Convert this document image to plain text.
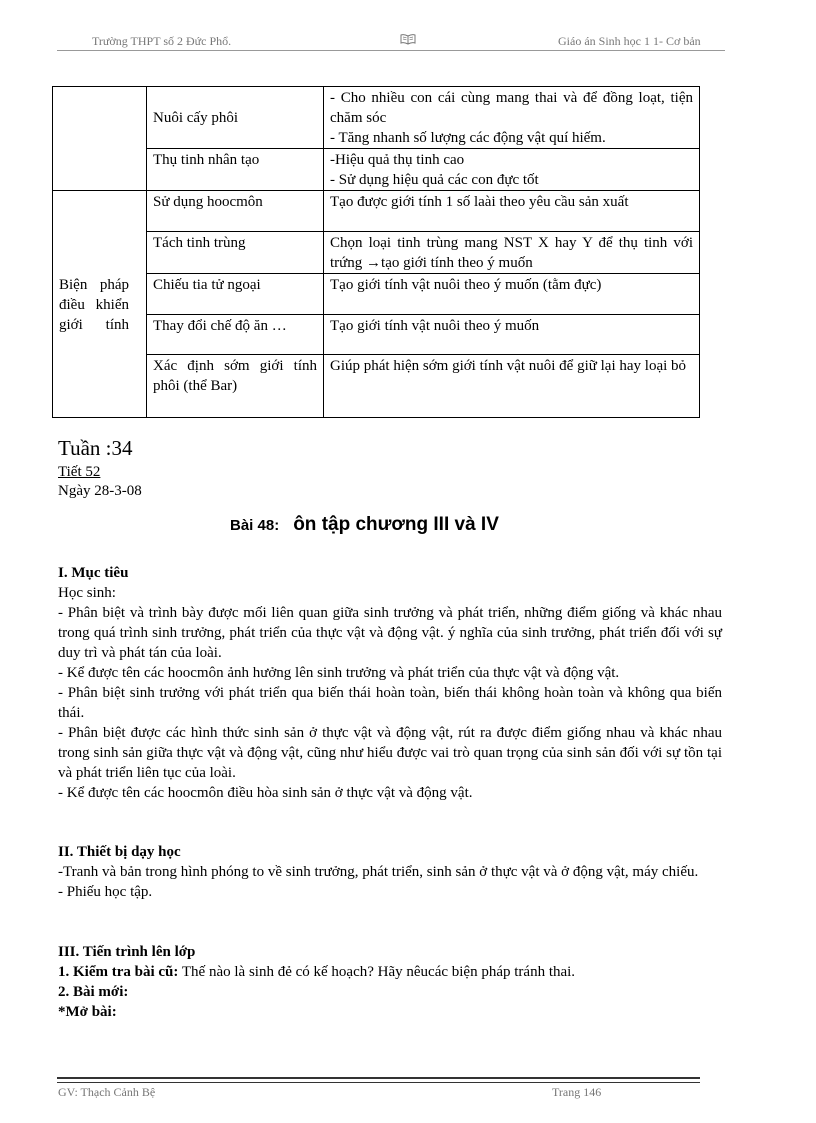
Trường THPT số 2 Đức Phổ.	Giáo án Sinh học 1 1- Cơ bản
	Nuôi cấy phôi	- Cho nhiều con cái cùng mang thai và để đồng loạt, tiện chăm sóc
- Tăng nhanh số lượng các động vật quí hiếm.

	Thụ tinh nhân tạo	-Hiệu quả thụ tinh cao
- Sử dụng hiệu quả các con đực tốt

Biện pháp điều khiển giới tính	Sử dụng hoocmôn	Tạo được giới tính 1 số laài theo yêu cầu sản xuất
	Tách tinh trùng	Chọn loại tinh trùng mang NST X hay Y để thụ tinh với trứng →tạo giới tính theo ý muốn
	Chiếu tia tử ngoại	Tạo giới tính vật nuôi theo ý muốn (tằm đực)
	Thay đổi chế độ ăn …	Tạo giới tính vật nuôi theo ý muốn
	Xác định sớm giới tính phôi (thể Bar)	Giúp phát hiện sớm giới tính vật nuôi để giữ lại hay loại bỏ
Tuần :34
Tiết 52
Ngày 28-3-08
Bài 48: ôn tập chương III và IV

I. Mục tiêu

Học sinh:

- Phân biệt và trình bày được mối liên quan giữa sinh trưởng và phát triển, những điểm giống và khác nhau trong quá trình sinh trưởng, phát triển của thực vật và động vật. ý nghĩa của sinh trưởng, phát triển đối với sự duy trì và phát tán của loài.

- Kể được tên các hoocmôn ảnh hưởng lên sinh trưởng và phát triển của thực vật và động vật.

- Phân biệt sinh trưởng với phát triển qua biến thái hoàn toàn, biến thái không hoàn toàn và không qua biến thái.

- Phân biệt được các hình thức sinh sản ở thực vật và động vật, rút ra được điểm giống nhau và khác nhau trong sinh sản giữa thực vật và động vật, cũng như hiểu được vai trò quan trọng của sinh sản đối với sự tồn tại và phát triển liên tục của loài.

- Kể được tên các hoocmôn điều hòa sinh sản ở thực vật và động vật.

II. Thiết bị dạy học

-Tranh và bản trong hình phóng to về sinh trưởng, phát triển, sinh sản ở thực vật và ở động vật, máy chiếu.

- Phiếu học tập.

III. Tiến trình lên lớp

1. Kiểm tra bài cũ: Thế nào là sinh đẻ có kế hoạch? Hãy nêucác biện pháp tránh thai.

2. Bài mới:

*Mở bài:

GV: Thạch Cảnh Bệ	Trang 146
